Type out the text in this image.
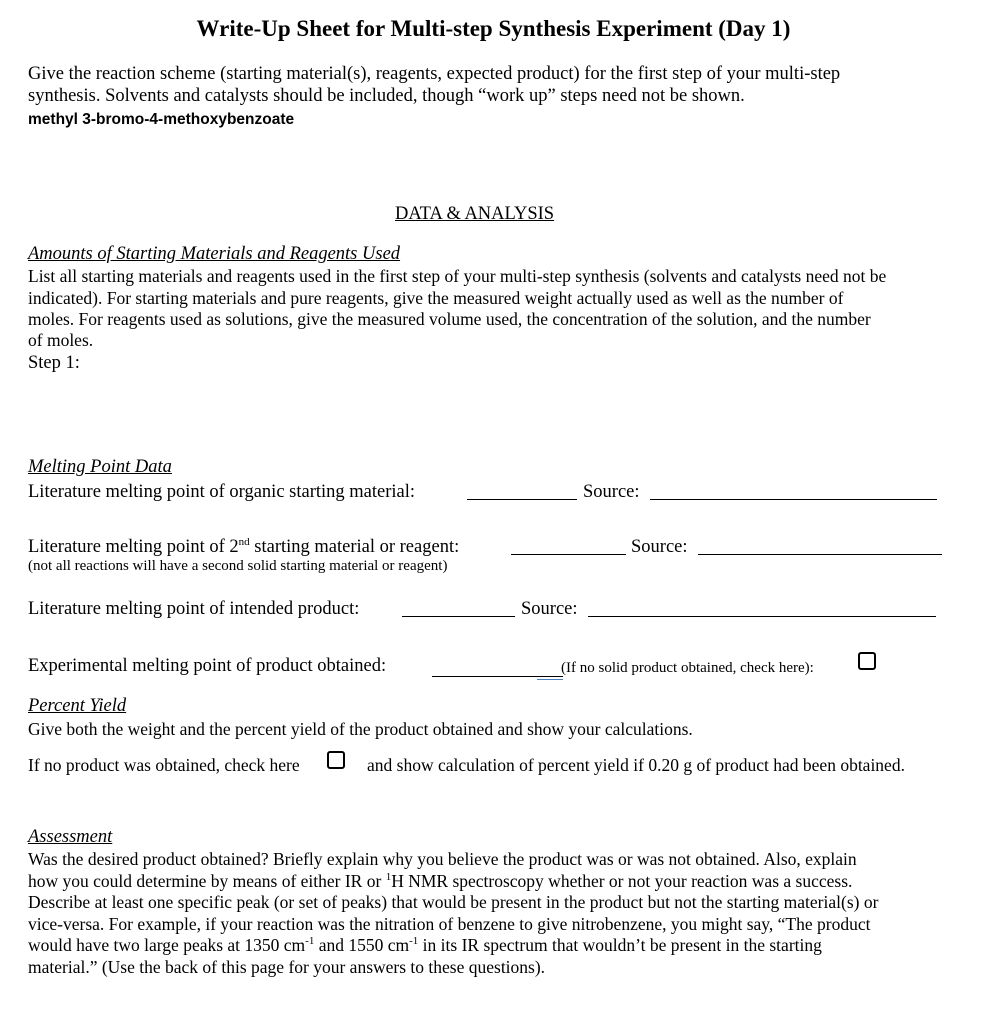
Write-Up Sheet for Multi-step Synthesis Experiment (Day 1)
Give the reaction scheme (starting material(s), reagents, expected product) for the first step of your multi-step
synthesis. Solvents and catalysts should be included, though “work up” steps need not be shown.
methyl 3-bromo-4-methoxybenzoate
DATA & ANALYSIS
Amounts of Starting Materials and Reagents Used
List all starting materials and reagents used in the first step of your multi-step synthesis (solvents and catalysts need not be
indicated). For starting materials and pure reagents, give the measured weight actually used as well as the number of
moles. For reagents used as solutions, give the measured volume used, the concentration of the solution, and the number
of moles.
Step 1:
Melting Point Data
Literature melting point of organic starting material:	Source:
Literature melting point of 2nd starting material or reagent:	Source:
(not all reactions will have a second solid starting material or reagent)
Literature melting point of intended product:	Source:
Experimental melting point of product obtained:	(If no solid product obtained, check here):
Percent Yield
Give both the weight and the percent yield of the product obtained and show your calculations.
If no product was obtained, check here	and show calculation of percent yield if 0.20 g of product had been obtained.
Assessment
Was the desired product obtained? Briefly explain why you believe the product was or was not obtained. Also, explain
how you could determine by means of either IR or $^1$H NMR spectroscopy whether or not your reaction was a success.
Describe at least one specific peak (or set of peaks) that would be present in the product but not the starting material(s) or
vice-versa. For example, if your reaction was the nitration of benzene to give nitrobenzene, you might say, “The product
would have two large peaks at 1350 $cm^{-1}$ and 1550 $cm^{-1}$ in its IR spectrum that wouldn’t be present in the starting
material.” (Use the back of this page for your answers to these questions).
